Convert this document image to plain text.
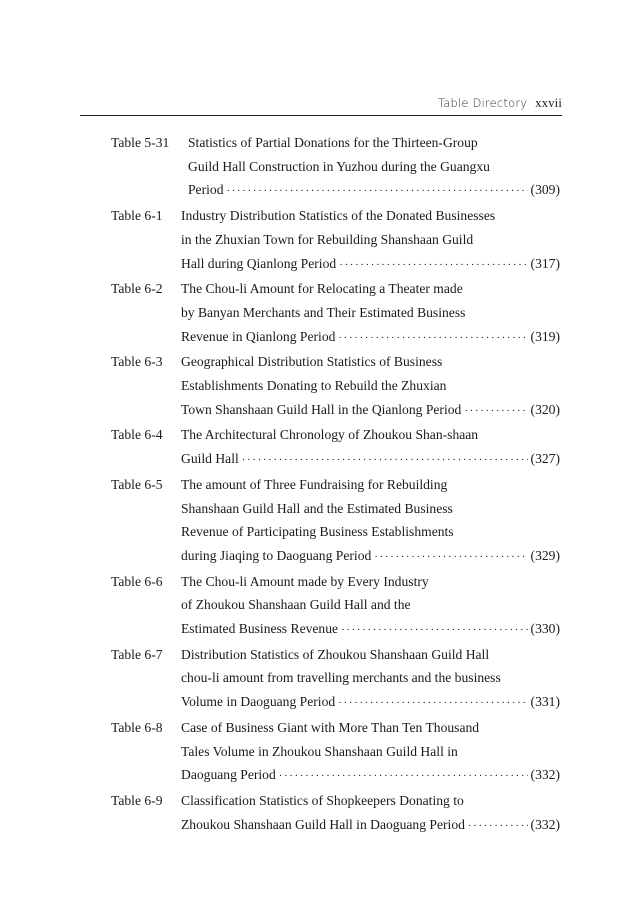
Table Directory xxvii
Table 5-31 Statistics of Partial Donations for the Thirteen-Group
Guild Hall Construction in Yuzhou during the Guangxu
Period ·····	(309)
Table 6-1 Industry Distribution Statistics of the Donated Businesses
in the Zhuxian Town for Rebuilding Shanshaan Guild
Hall during Qianlong Period ·····	(317)
Table 6-2 The Chou-li Amount for Relocating a Theater made
by Banyan Merchants and Their Estimated Business
Revenue in Qianlong Period ·····	(319)
Table 6-3 Geographical Distribution Statistics of Business
Establishments Donating to Rebuild the Zhuxian
Town Shanshaan Guild Hall in the Qianlong Period ·····	(320)
Table 6-4 The Architectural Chronology of Zhoukou Shan-shaan
Guild Hall ·····	(327)
Table 6-5 The amount of Three Fundraising for Rebuilding
Shanshaan Guild Hall and the Estimated Business
Revenue of Participating Business Establishments
during Jiaqing to Daoguang Period ·····	(329)
Table 6-6 The Chou-li Amount made by Every Industry
of Zhoukou Shanshaan Guild Hall and the
Estimated Business Revenue ·····	(330)
Table 6-7 Distribution Statistics of Zhoukou Shanshaan Guild Hall
chou-li amount from travelling merchants and the business
Volume in Daoguang Period ·····	(331)
Table 6-8 Case of Business Giant with More Than Ten Thousand
Tales Volume in Zhoukou Shanshaan Guild Hall in
Daoguang Period ·····	(332)
Table 6-9 Classification Statistics of Shopkeepers Donating to
Zhoukou Shanshaan Guild Hall in Daoguang Period ·····	(332)
